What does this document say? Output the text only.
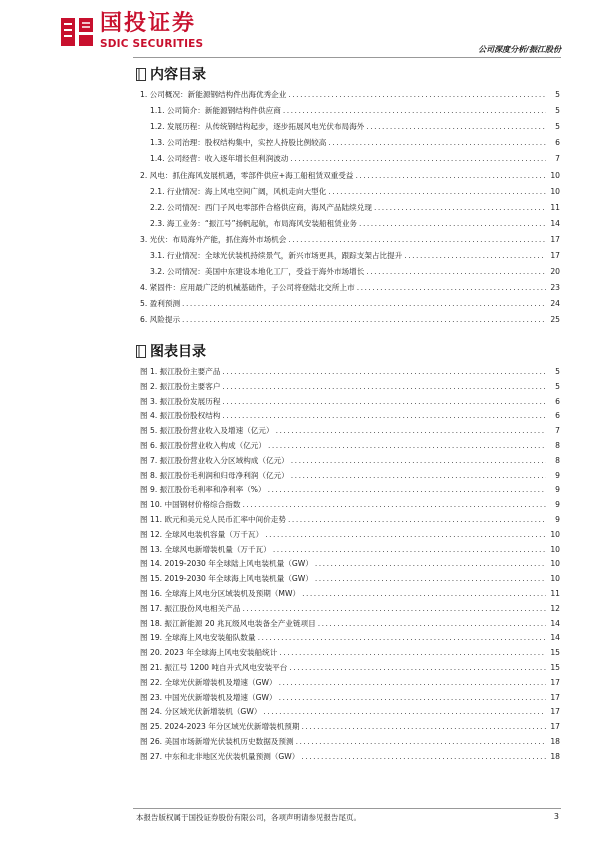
国投证券
SDIC SECURITIES	公司深度分析/振江股份
内容目录
1. 公司概况：新能源钢结构件出海优秀企业 .....	5
1.1. 公司简介：新能源钢结构件供应商 .....	5
1.2. 发展历程：从传统钢结构起步，逐步拓展风电光伏布局海外 .....	5
1.3. 公司治理：股权结构集中，实控人持股比例较高 .....	6
1.4. 公司经营：收入逐年增长但利润波动 .....	7
2. 风电：抓住海风发展机遇，零部件供应+海工船租赁双重受益 .....	10
2.1. 行业情况：海上风电空间广阔，风机走向大型化 .....	10
2.2. 公司情况：西门子风电零部件合格供应商，海风产品陆续兑现 .....	11
2.3. 海工业务：“振江号”扬帆起航，布局海风安装船租赁业务 .....	14
3. 光伏：布局海外产能，抓住海外市场机会 .....	17
3.1. 行业情况：全球光伏装机持续景气，新兴市场更具，跟踪支架占比提升 .....	17
3.2. 公司情况：美国中东建设本地化工厂，受益于海外市场增长 .....	20
4. 紧固件：应用最广泛的机械基础件，子公司将登陆北交所上市 .....	23
5. 盈利预测 .....	24
6. 风险提示 .....	25
图表目录
图 1. 振江股份主要产品 .....	5
图 2. 振江股份主要客户 .....	5
图 3. 振江股份发展历程 .....	6
图 4. 振江股份股权结构 .....	6
图 5. 振江股份营业收入及增速（亿元） .....	7
图 6. 振江股份营业收入构成（亿元） .....	8
图 7. 振江股份营业收入分区域构成（亿元） .....	8
图 8. 振江股份毛利润和归母净利润（亿元） .....	9
图 9. 振江股份毛利率和净利率（%） .....	9
图 10. 中国钢材价格综合指数 .....	9
图 11. 欧元和美元兑人民币汇率中间价走势 .....	9
图 12. 全球风电装机容量（万千瓦） .....	10
图 13. 全球风电新增装机量（万千瓦） .....	10
图 14. 2019-2030 年全球陆上风电装机量（GW） .....	10
图 15. 2019-2030 年全球海上风电装机量（GW） .....	10
图 16. 全球海上风电分区域装机及预期（MW） .....	11
图 17. 振江股份风电相关产品 .....	12
图 18. 振江新能源 20 兆瓦级风电装备全产业链项目 .....	14
图 19. 全球海上风电安装船队数量 .....	14
图 20. 2023 年全球海上风电安装船统计 .....	15
图 21. 振江号 1200 吨自升式风电安装平台 .....	15
图 22. 全球光伏新增装机及增速（GW） .....	17
图 23. 中国光伏新增装机及增速（GW） .....	17
图 24. 分区域光伏新增装机（GW） .....	17
图 25. 2024-2023 年分区域光伏新增装机预期 .....	17
图 26. 美国市场新增光伏装机历史数据及预测 .....	18
图 27. 中东和北非地区光伏装机量预测（GW） .....	18
本报告版权属于国投证券股份有限公司，各项声明请参见报告尾页。	3
